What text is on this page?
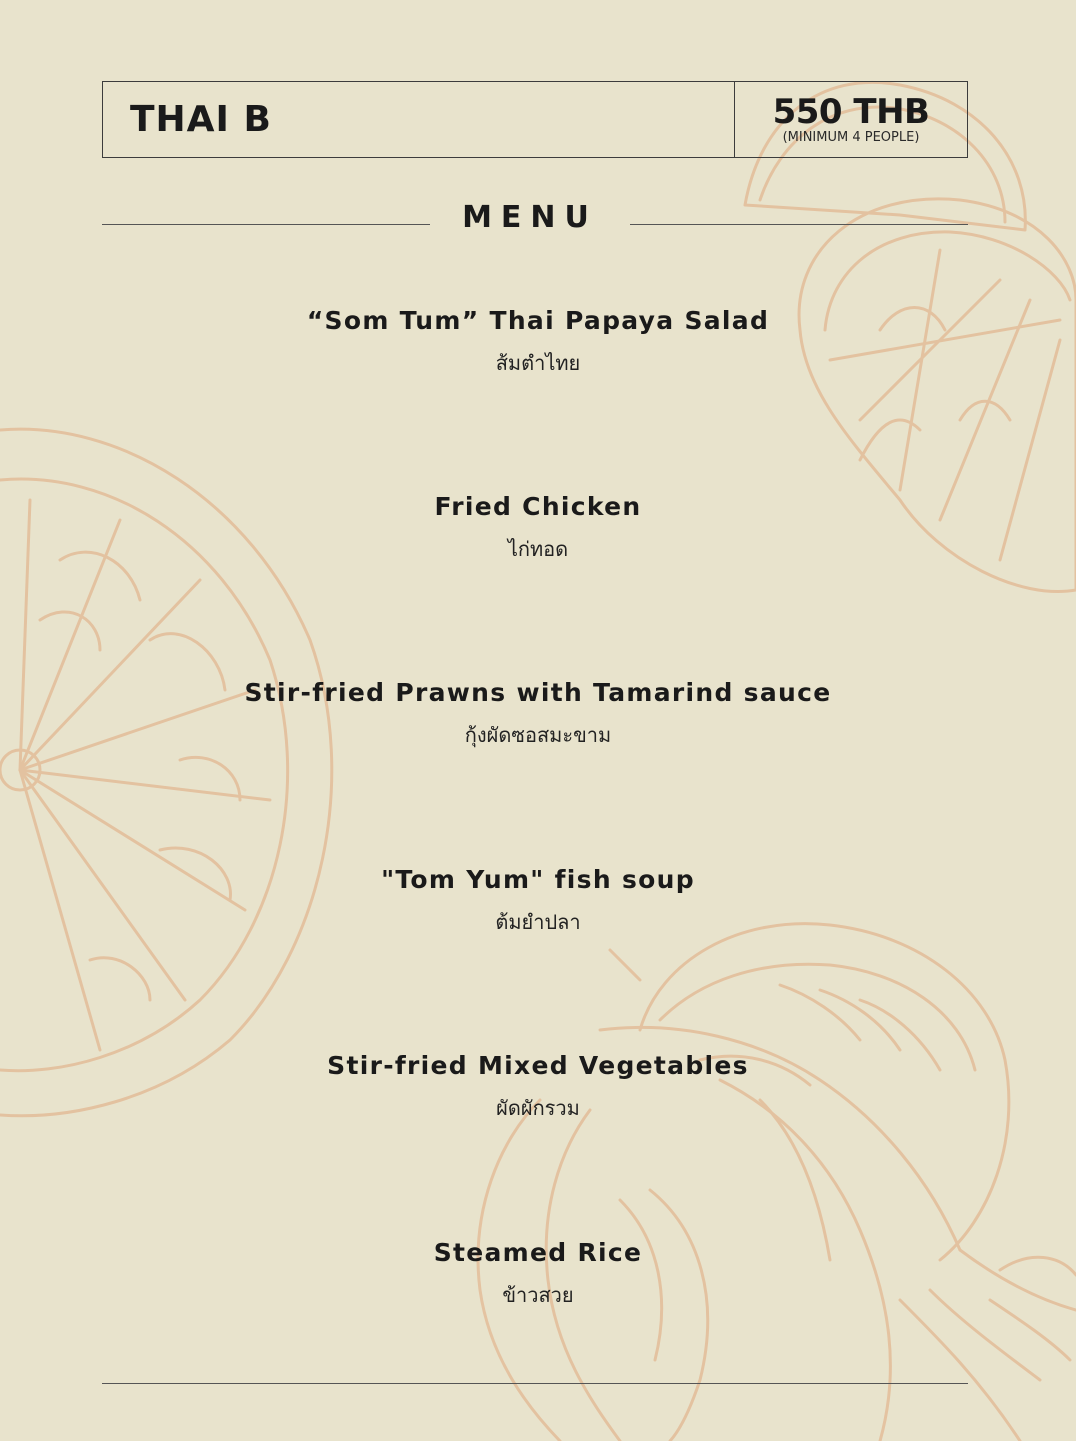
THAI B	550 THB
(MINIMUM 4 PEOPLE)
MENU
“Som Tum” Thai Papaya Salad
ส้มตำไทย
Fried Chicken
ไก่ทอด
Stir-fried Prawns with Tamarind sauce
กุ้งผัดซอสมะขาม
"Tom Yum" fish soup
ต้มยำปลา
Stir-fried Mixed Vegetables
ผัดผักรวม
Steamed Rice
ข้าวสวย
